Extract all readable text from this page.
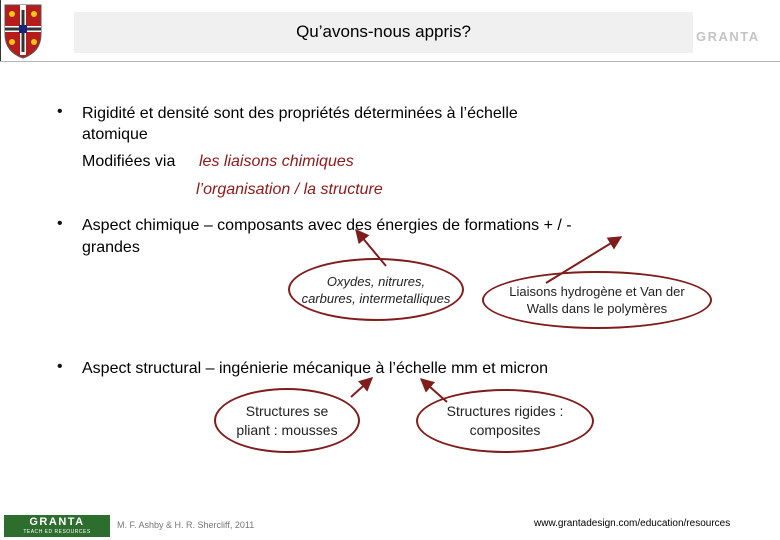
Qu’avons-nous appris?	GRANTA
• Rigidité et densité sont des propriétés déterminées à l’échelle
atomique
Modifiées via les liaisons chimiques
l’organisation / la structure
• Aspect chimique – composants avec des énergies de formations + / -
grandes
Oxydes, nitrures,
carbures, intermetalliques	Liaisons hydrogène et Van der
Walls dans le polymères
• Aspect structural – ingénierie mécanique à l’échelle mm et micron
Structures se
pliant : mousses
Structures rigides :
composites
GRANTA
TEACH ED RESOURCES
M. F. Ashby & H. R. Shercliff, 2011	www.grantadesign.com/education/resources
